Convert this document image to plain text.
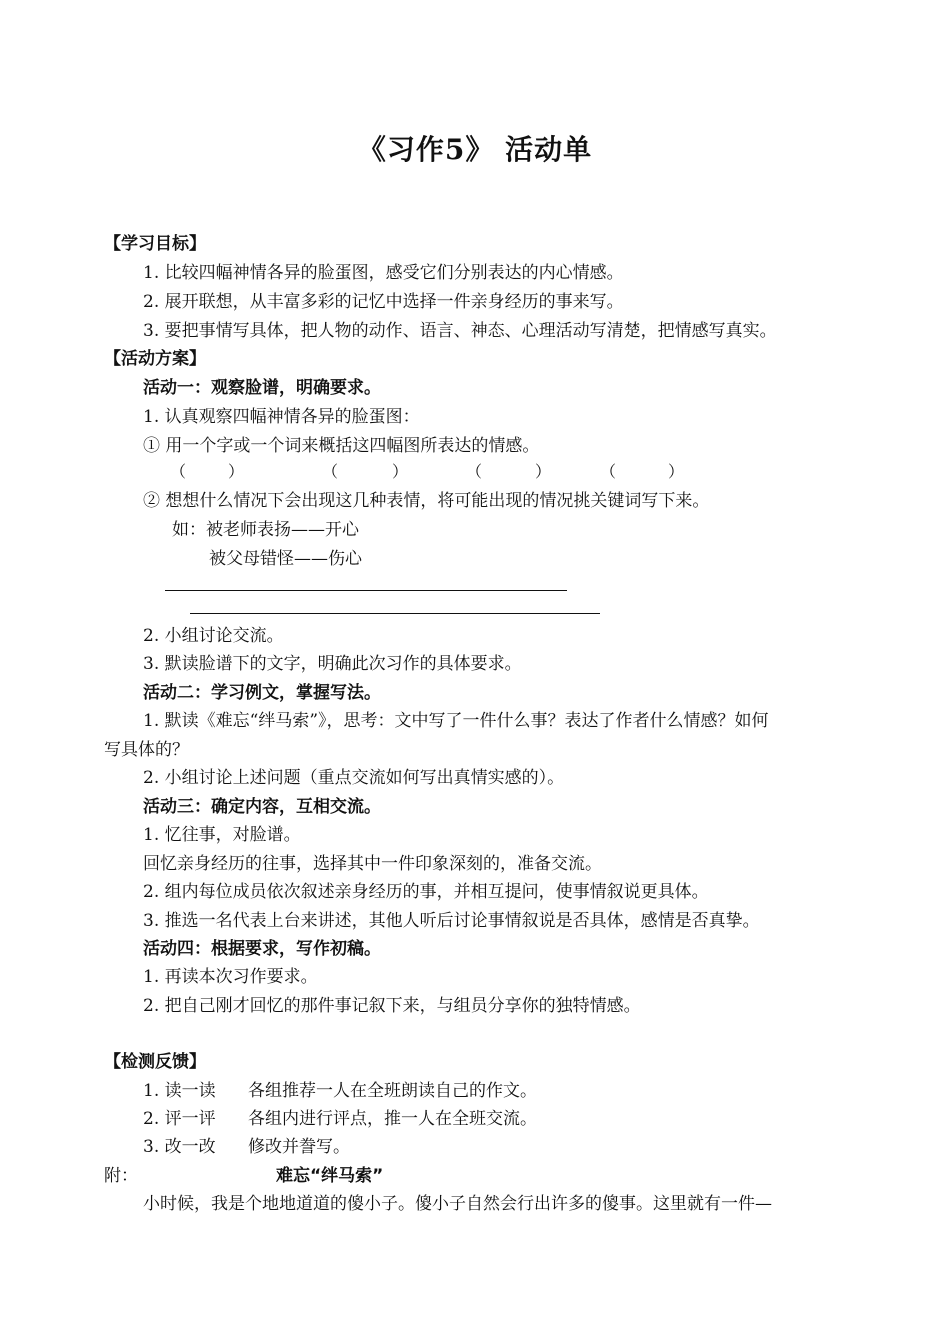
《习作5》 活动单
【学习目标】
1. 比较四幅神情各异的脸蛋图，感受它们分别表达的内心情感。
2. 展开联想，从丰富多彩的记忆中选择一件亲身经历的事来写。
3. 要把事情写具体，把人物的动作、语言、神态、心理活动写清楚，把情感写真实。
【活动方案】
活动一：观察脸谱，明确要求。
1. 认真观察四幅神情各异的脸蛋图：
① 用一个字或一个词来概括这四幅图所表达的情感。
（	）	（	）	（	）	（	）
② 想想什么情况下会出现这几种表情，将可能出现的情况挑关键词写下来。
如：被老师表扬——开心
被父母错怪——伤心
2. 小组讨论交流。
3. 默读脸谱下的文字，明确此次习作的具体要求。
活动二：学习例文，掌握写法。
1. 默读《难忘“绊马索”》，思考：文中写了一件什么事？表达了作者什么情感？如何
写具体的？
2. 小组讨论上述问题（重点交流如何写出真情实感的）。
活动三：确定内容，互相交流。
1. 忆往事，对脸谱。
回忆亲身经历的往事，选择其中一件印象深刻的，准备交流。
2. 组内每位成员依次叙述亲身经历的事，并相互提问，使事情叙说更具体。
3. 推选一名代表上台来讲述，其他人听后讨论事情叙说是否具体，感情是否真挚。
活动四：根据要求，写作初稿。
1. 再读本次习作要求。
2. 把自己刚才回忆的那件事记叙下来，与组员分享你的独特情感。
【检测反馈】
1. 读一读 各组推荐一人在全班朗读自己的作文。
2. 评一评 各组内进行评点，推一人在全班交流。
3. 改一改 修改并誊写。
附：	难忘“绊马索”
小时候，我是个地地道道的傻小子。傻小子自然会行出许多的傻事。这里就有一件—
